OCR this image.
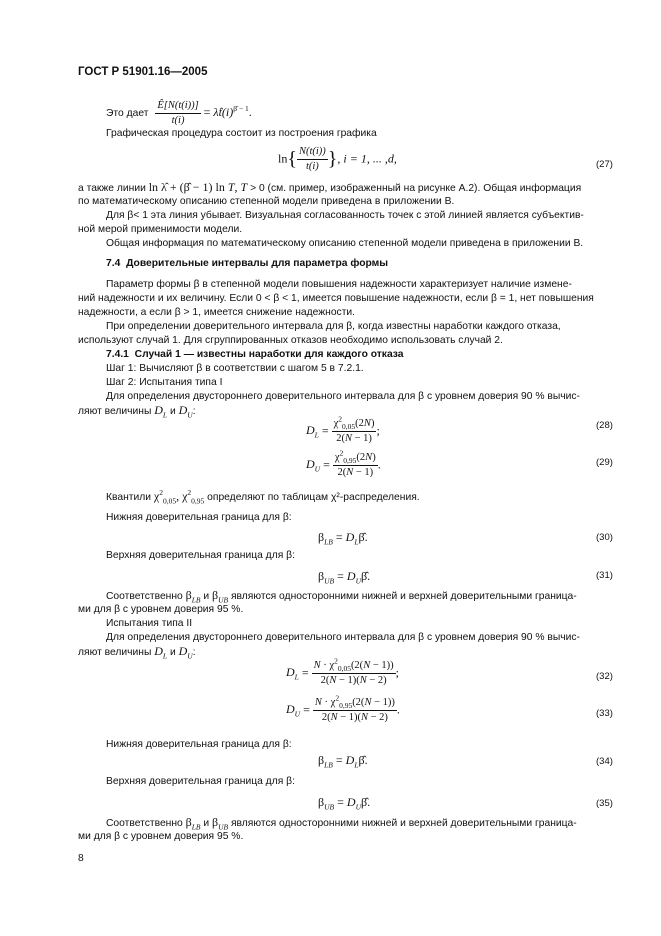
ГОСТ Р 51901.16—2005
Это дает $\frac{Ê[N(t(i))]}{t(i)}$ = $\lambdât(i)^{\betâ - 1}$.
Графическая процедура состоит из построения графика
$\ln\{ \frac{N(t(i))}{t(i)}$ }, i = 1, ... ,d,	(27)
а также линии ln λ̂ + (β̂ − 1) ln T, T > 0 (см. пример, изображенный на рисунке А.2). Общая информация
по математическому описанию степенной модели приведена в приложении В.
Для β< 1 эта линия убывает. Визуальная согласованность точек с этой линией является субъектив-
ной мерой применимости модели.
Общая информация по математическому описанию степенной модели приведена в приложении В.
7.4 Доверительные интервалы для параметра формы
Параметр формы β в степенной модели повышения надежности характеризует наличие измене-
ний надежности и их величину. Если 0 < β < 1, имеется повышение надежности, если β = 1, нет повышения
надежности, а если β > 1, имеется снижение надежности.
При определении доверительного интервала для β, когда известны наработки каждого отказа,
используют случай 1. Для сгруппированных отказов необходимо использовать случай 2.
7.4.1 Случай 1 — известны наработки для каждого отказа
Шаг 1: Вычисляют β в соответствии с шагом 5 в 7.2.1.
Шаг 2: Испытания типа I
Для определения двустороннего доверительного интервала для β с уровнем доверия 90 % вычис-
ляют величины $D_L$ и $D_U$:
$D_L = \frac{\chi^2_{0,05}(2N)}{2(N - 1)}$ ;	(28)
$D_U = \frac{\chi^2_{0,95}(2N)}{2(N - 1)}$ .	(29)
Квантили $\chi^2_{0,05}$, $\chi^2_{0,95}$ определяют по таблицам χ²-распределения.
Нижняя доверительная граница для β:
$\beta_{LB}$ = $D_L\betâ$.	(30)
Верхняя доверительная граница для β:
$\beta_{UB}$ = $D_U\betâ$.	(31)
Соответственно $\beta_{LB}$ и $\beta_{UB}$ являются односторонними нижней и верхней доверительными граница-
ми для β с уровнем доверия 95 %.
Испытания типа II
Для определения двустороннего доверительного интервала для β с уровнем доверия 90 % вычис-
ляют величины $D_L$ и $D_U$:
$D_L = \frac{N \cdot \chi^2_{0,05}(2(N - 1))}{2(N - 1)(N - 2)}$ ;	(32)
$D_U = \frac{N \cdot \chi^2_{0,95}(2(N - 1))}{2(N - 1)(N - 2)}$ .	(33)
Нижняя доверительная граница для β:
$\beta_{LB}$ = $D_L\betâ$.	(34)
Верхняя доверительная граница для β:
$\beta_{UB}$ = $D_U\betâ$.	(35)
Соответственно $\beta_{LB}$ и $\beta_{UB}$ являются односторонними нижней и верхней доверительными граница-
ми для β с уровнем доверия 95 %.
8
